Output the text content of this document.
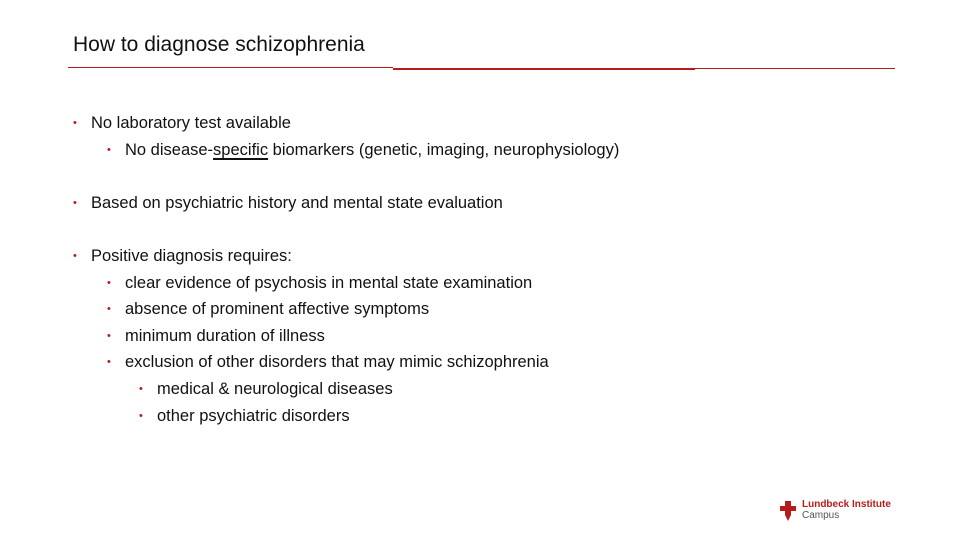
How to diagnose schizophrenia
• No laboratory test available
• No disease-specific biomarkers (genetic, imaging, neurophysiology)
• Based on psychiatric history and mental state evaluation
• Positive diagnosis requires:
• clear evidence of psychosis in mental state examination
• absence of prominent affective symptoms
• minimum duration of illness
• exclusion of other disorders that may mimic schizophrenia
• medical & neurological diseases
• other psychiatric disorders
Lundbeck Institute
Campus
